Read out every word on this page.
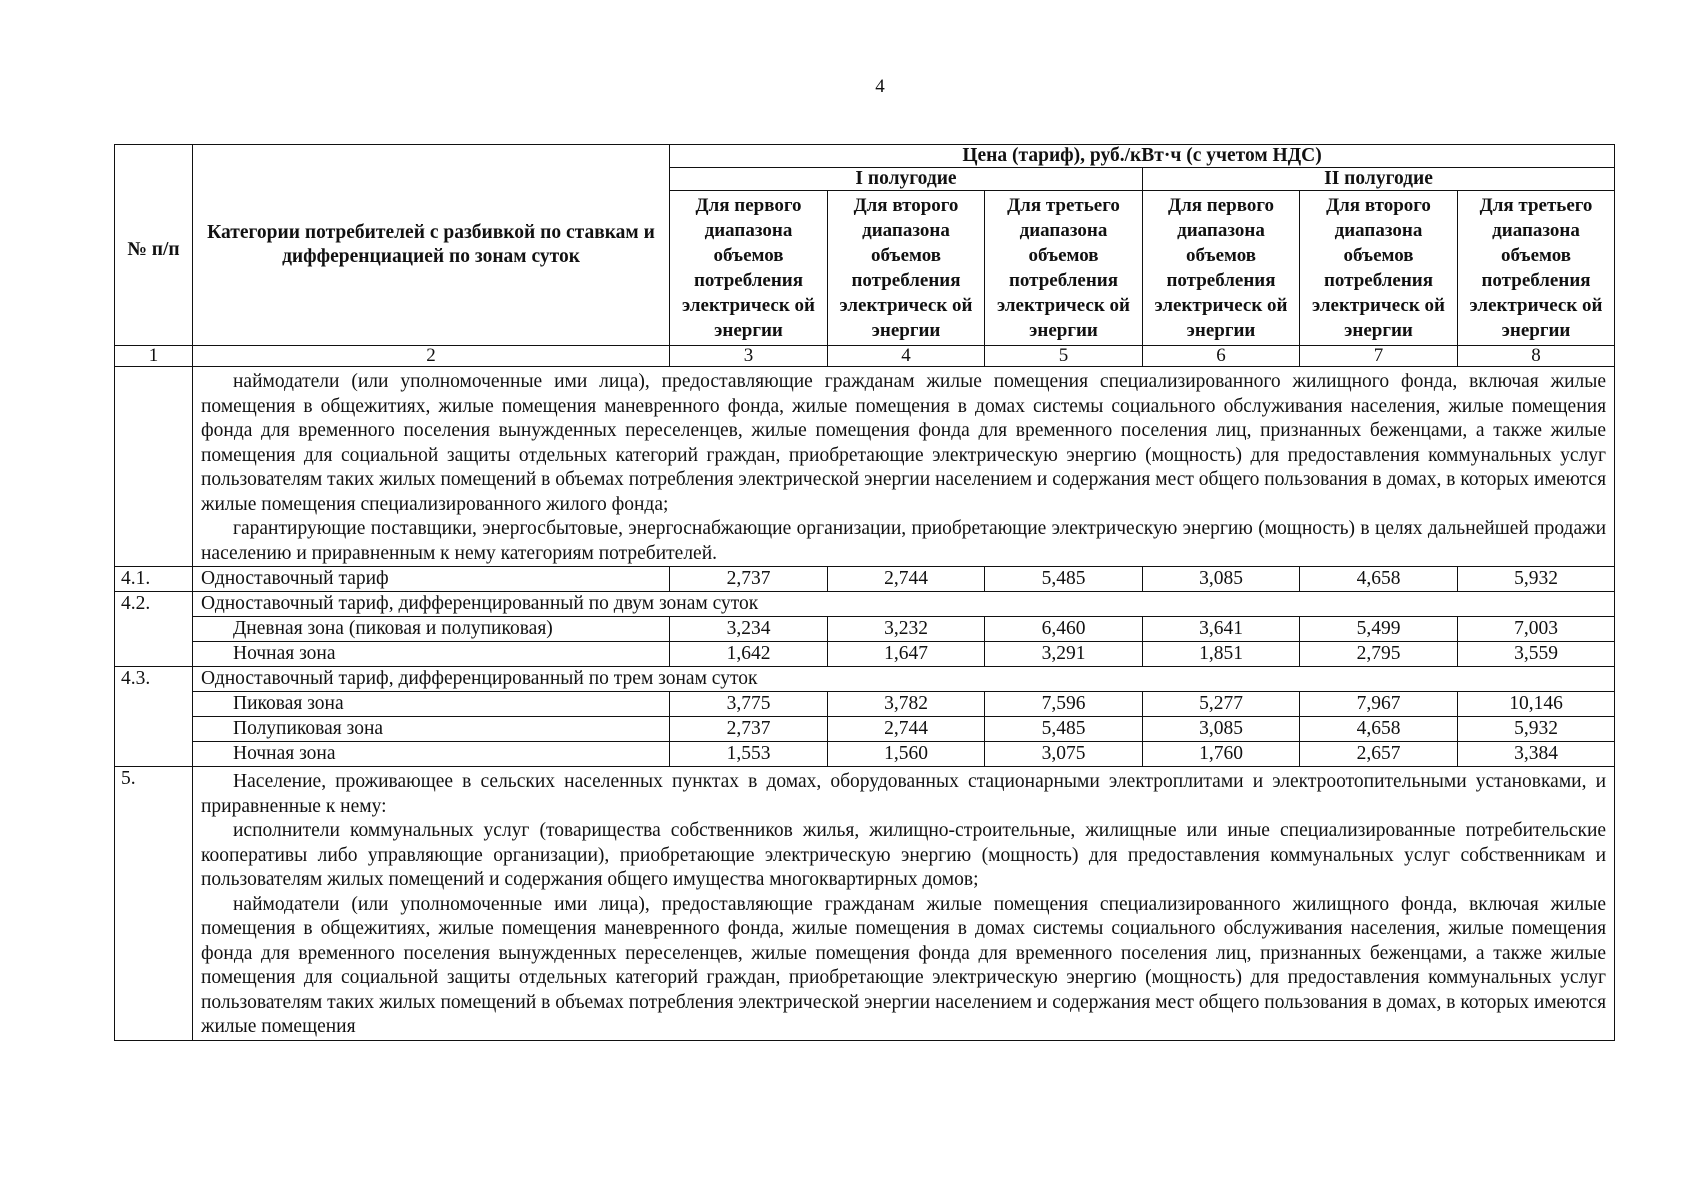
4
№ п/п	Категории потребителей с разбивкой по ставкам и дифференциацией по зонам суток	Цена (тариф), руб./кВт·ч (с учетом НДС)					
		I полугодие			II полугодие		
		Для первого диапазона объемов потребления электрическ ой энергии	Для второго диапазона объемов потребления электрическ ой энергии	Для третьего диапазона объемов потребления электрическ ой энергии	Для первого диапазона объемов потребления электрическ ой энергии	Для второго диапазона объемов потребления электрическ ой энергии	Для третьего диапазона объемов потребления электрическ ой энергии
1	2	3	4	5	6	7	8

	наймодатели (или уполномоченные ими лица), предоставляющие гражданам жилые помещения специализированного жилищного фонда, включая жилые помещения в общежитиях, жилые помещения маневренного фонда, жилые помещения в домах системы социального обслуживания населения, жилые помещения фонда для временного поселения вынужденных переселенцев, жилые помещения фонда для временного поселения лиц, признанных беженцами, а также жилые помещения для социальной защиты отдельных категорий граждан, приобретающие электрическую энергию (мощность) для предоставления коммунальных услуг пользователям таких жилых помещений в объемах потребления электрической энергии населением и содержания мест общего пользования в домах, в которых имеются жилые помещения специализированного жилого фонда;

гарантирующие поставщики, энергосбытовые, энергоснабжающие организации, приобретающие электрическую энергию (мощность) в целях дальнейшей продажи населению и приравненным к нему категориям потребителей.						

4.1.	Одноставочный тариф	2,737	2,744	5,485	3,085	4,658	5,932
4.2.	Одноставочный тариф, дифференцированный по двум зонам суток						
	Дневная зона (пиковая и полупиковая)	3,234	3,232	6,460	3,641	5,499	7,003
	Ночная зона	1,642	1,647	3,291	1,851	2,795	3,559
4.3.	Одноставочный тариф, дифференцированный по трем зонам суток						
	Пиковая зона	3,775	3,782	7,596	5,277	7,967	10,146
	Полупиковая зона	2,737	2,744	5,485	3,085	4,658	5,932
	Ночная зона	1,553	1,560	3,075	1,760	2,657	3,384
5.	Население, проживающее в сельских населенных пунктах в домах, оборудованных стационарными электроплитами и электроотопительными установками, и приравненные к нему:

исполнители коммунальных услуг (товарищества собственников жилья, жилищно-строительные, жилищные или иные специализированные потребительские кооперативы либо управляющие организации), приобретающие электрическую энергию (мощность) для предоставления коммунальных услуг собственникам и пользователям жилых помещений и содержания общего имущества многоквартирных домов;

наймодатели (или уполномоченные ими лица), предоставляющие гражданам жилые помещения специализированного жилищного фонда, включая жилые помещения в общежитиях, жилые помещения маневренного фонда, жилые помещения в домах системы социального обслуживания населения, жилые помещения фонда для временного поселения вынужденных переселенцев, жилые помещения фонда для временного поселения лиц, признанных беженцами, а также жилые помещения для социальной защиты отдельных категорий граждан, приобретающие электрическую энергию (мощность) для предоставления коммунальных услуг пользователям таких жилых помещений в объемах потребления электрической энергии населением и содержания мест общего пользования в домах, в которых имеются жилые помещения						
